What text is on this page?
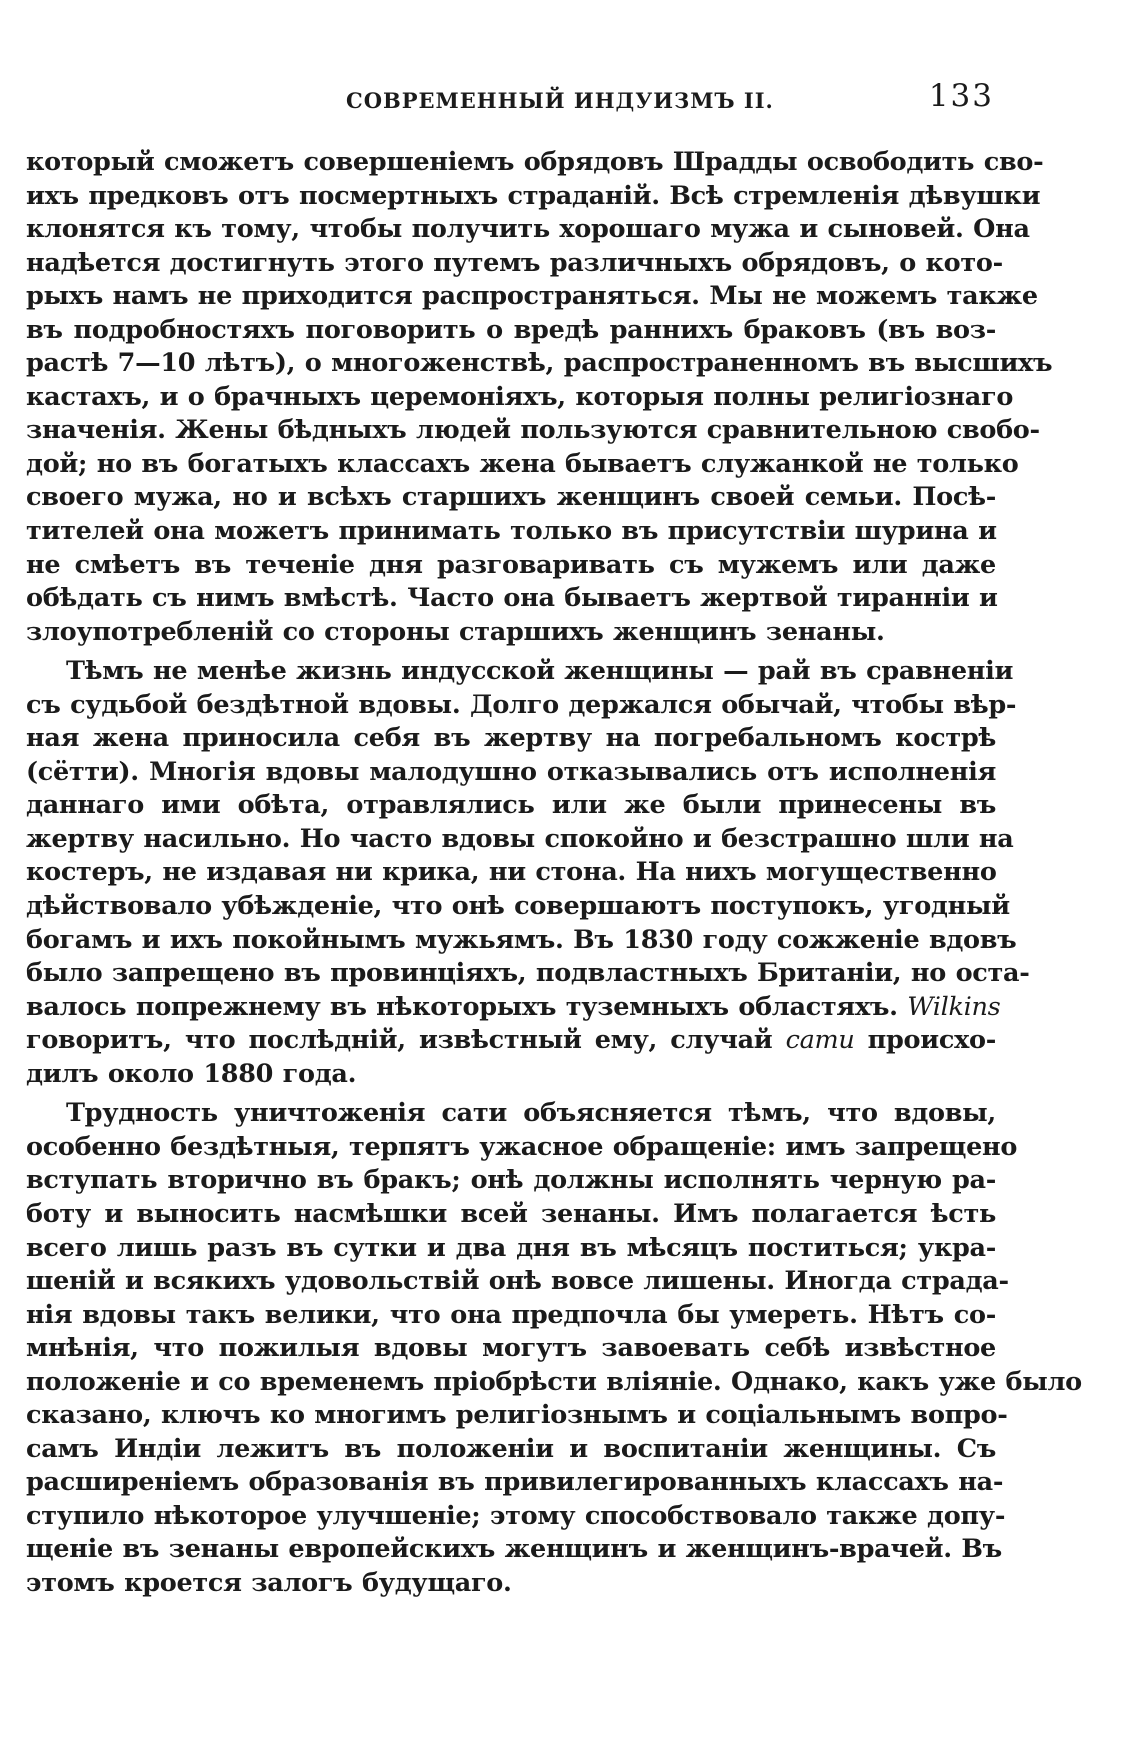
СОВРЕМЕННЫЙ ИНДУИЗМЪ II.	133

который сможетъ совершеніемъ обрядовъ Шрадды освободить сво-
ихъ предковъ отъ посмертныхъ страданій. Всѣ стремленія дѣвушки
клонятся къ тому, чтобы получить хорошаго мужа и сыновей. Она
надѣется достигнуть этого путемъ различныхъ обрядовъ, о кото-
рыхъ намъ не приходится распространяться. Мы не можемъ также
въ подробностяхъ поговорить о вредѣ раннихъ браковъ (въ воз-
растѣ 7—10 лѣтъ), о многоженствѣ, распространенномъ въ высшихъ
кастахъ, и о брачныхъ церемоніяхъ, которыя полны религіознаго
значенія. Жены бѣдныхъ людей пользуются сравнительною свобо-
дой; но въ богатыхъ классахъ жена бываетъ служанкой не только
своего мужа, но и всѣхъ старшихъ женщинъ своей семьи. Посѣ-
тителей она можетъ принимать только въ присутствіи шурина и
не смѣетъ въ теченіе дня разговаривать съ мужемъ или даже
обѣдать съ нимъ вмѣстѣ. Часто она бываетъ жертвой тиранніи и
злоупотребленій со стороны старшихъ женщинъ зенаны.

Тѣмъ не менѣе жизнь индусской женщины — рай въ сравненіи
съ судьбой бездѣтной вдовы. Долго держался обычай, чтобы вѣр-
ная жена приносила себя въ жертву на погребальномъ кострѣ
(сётти). Многія вдовы малодушно отказывались отъ исполненія
даннаго ими обѣта, отравлялись или же были принесены въ
жертву насильно. Но часто вдовы спокойно и безстрашно шли на
костеръ, не издавая ни крика, ни стона. На нихъ могущественно
дѣйствовало убѣжденіе, что онѣ совершаютъ поступокъ, угодный
богамъ и ихъ покойнымъ мужьямъ. Въ 1830 году сожженіе вдовъ
было запрещено въ провинціяхъ, подвластныхъ Британіи, но оста-
валось попрежнему въ нѣкоторыхъ туземныхъ областяхъ. Wilkins
говоритъ, что послѣдній, извѣстный ему, случай сати происхо-
дилъ около 1880 года.

Трудность уничтоженія сати объясняется тѣмъ, что вдовы,
особенно бездѣтныя, терпятъ ужасное обращеніе: имъ запрещено
вступать вторично въ бракъ; онѣ должны исполнять черную ра-
боту и выносить насмѣшки всей зенаны. Имъ полагается ѣсть
всего лишь разъ въ сутки и два дня въ мѣсяцъ поститься; укра-
шеній и всякихъ удовольствій онѣ вовсе лишены. Иногда страда-
нія вдовы такъ велики, что она предпочла бы умереть. Нѣтъ со-
мнѣнія, что пожилыя вдовы могутъ завоевать себѣ извѣстное
положеніе и со временемъ пріобрѣсти вліяніе. Однако, какъ уже было
сказано, ключъ ко многимъ религіознымъ и соціальнымъ вопро-
самъ Индіи лежитъ въ положеніи и воспитаніи женщины. Съ
расширеніемъ образованія въ привилегированныхъ классахъ на-
ступило нѣкоторое улучшеніе; этому способствовало также допу-
щеніе въ зенаны европейскихъ женщинъ и женщинъ-врачей. Въ
этомъ кроется залогъ будущаго.
